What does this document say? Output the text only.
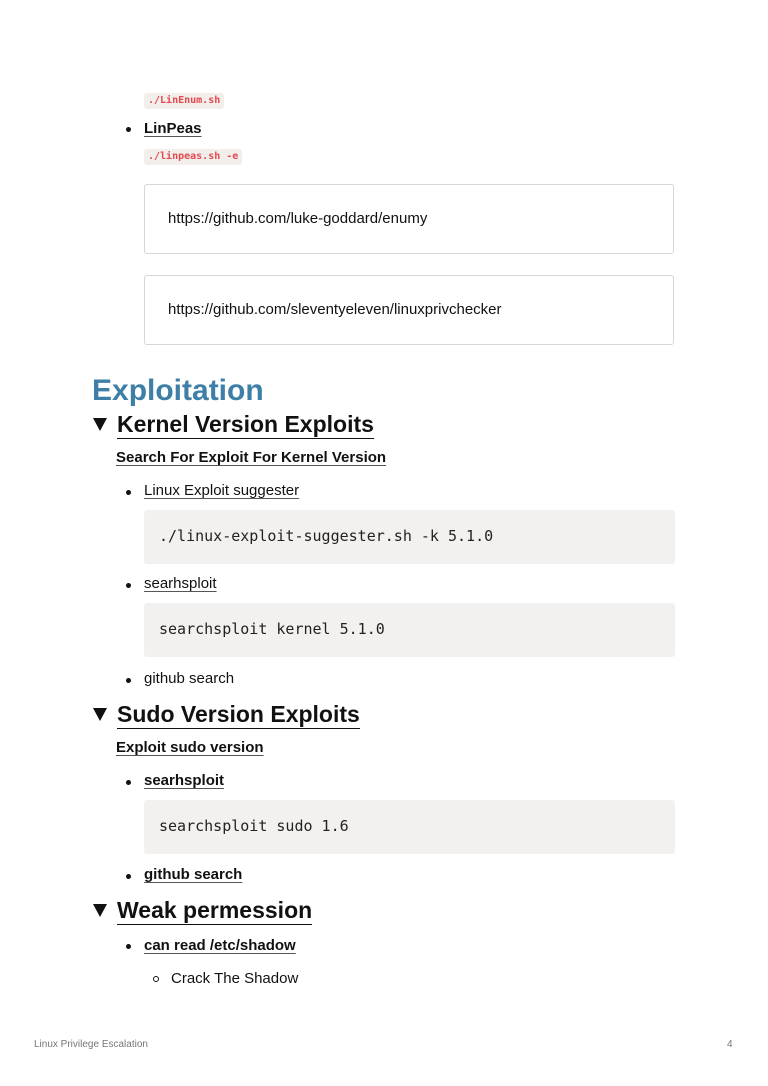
./LinEnum.sh
LinPeas
./linpeas.sh -e
https://github.com/luke-goddard/enumy
https://github.com/sleventyeleven/linuxprivchecker
Exploitation
Kernel Version Exploits
Search For Exploit For Kernel Version
Linux Exploit suggester
./linux-exploit-suggester.sh -k 5.1.0
searhsploit
searchsploit kernel 5.1.0
github search
Sudo Version Exploits
Exploit sudo version
searhsploit
searchsploit sudo 1.6
github search
Weak permession
can read /etc/shadow
Crack The Shadow
Linux Privilege Escalation	4
